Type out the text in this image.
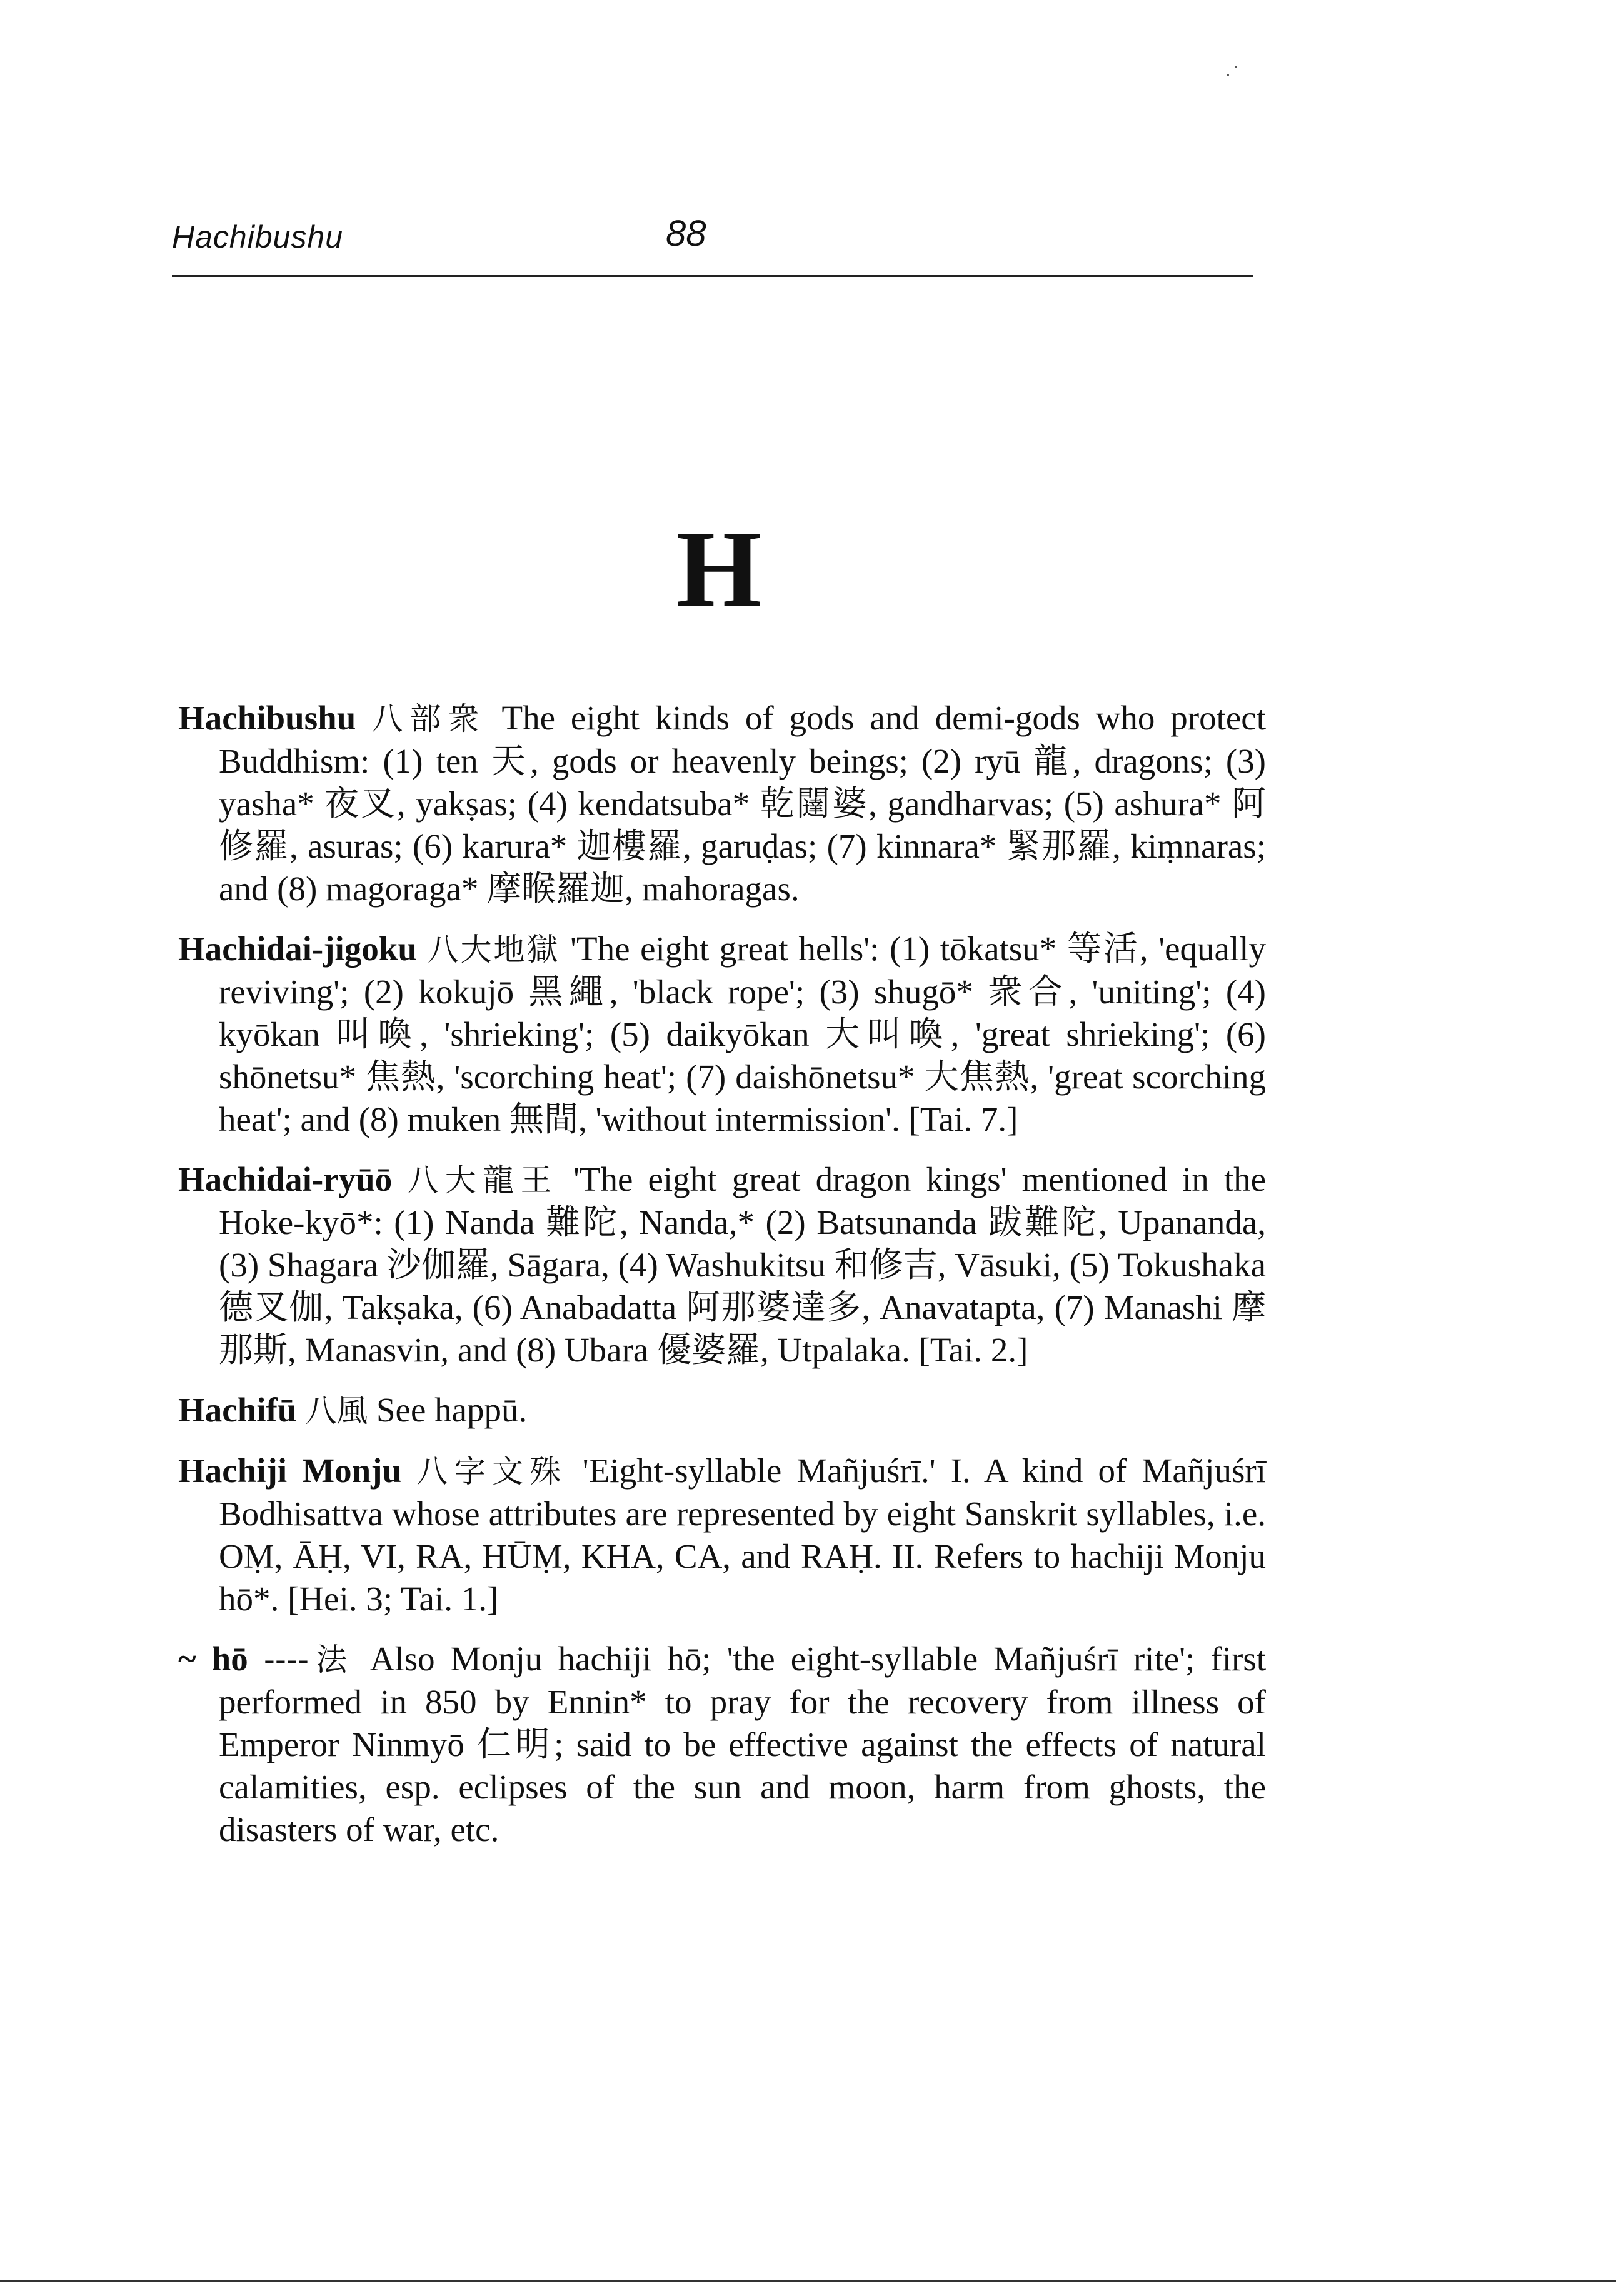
Hachibushu	88
H

Hachibushu 八部衆 The eight kinds of gods and demi-gods who protect Buddhism: (1) ten 天, gods or heavenly beings; (2) ryū 龍, dragons; (3) yasha* 夜叉, yakṣas; (4) kendatsuba* 乾闥婆, gandharvas; (5) ashura* 阿修羅, asuras; (6) karura* 迦樓羅, garuḍas; (7) kinnara* 緊那羅, kiṃnaras; and (8) magoraga* 摩睺羅迦, mahoragas.

Hachidai-jigoku 八大地獄 'The eight great hells': (1) tōkatsu* 等活, 'equally reviving'; (2) kokujō 黑繩, 'black rope'; (3) shugō* 衆合, 'uniting'; (4) kyōkan 叫喚, 'shrieking'; (5) daikyōkan 大叫喚, 'great shrieking'; (6) shōnetsu* 焦熱, 'scorching heat'; (7) daishōnetsu* 大焦熱, 'great scorching heat'; and (8) muken 無間, 'without intermission'. [Tai. 7.]

Hachidai-ryūō 八大龍王 'The eight great dragon kings' mentioned in the Hoke-kyō*: (1) Nanda 難陀, Nanda,* (2) Batsunanda 跋難陀, Upananda, (3) Shagara 沙伽羅, Sāgara, (4) Washukitsu 和修吉, Vāsuki, (5) Tokushaka 德叉伽, Takṣaka, (6) Anabadatta 阿那婆達多, Anavatapta, (7) Manashi 摩那斯, Manasvin, and (8) Ubara 優婆羅, Utpalaka. [Tai. 2.]

Hachifū 八風 See happū.

Hachiji Monju 八字文殊 'Eight-syllable Mañjuśrī.' I. A kind of Mañjuśrī Bodhisattva whose attributes are represented by eight Sanskrit syllables, i.e. OṂ, ĀḤ, VI, RA, HŪṂ, KHA, CA, and RAḤ. II. Refers to hachiji Monju hō*. [Hei. 3; Tai. 1.]

~ hō ----法 Also Monju hachiji hō; 'the eight-syllable Mañjuśrī rite'; first performed in 850 by Ennin* to pray for the recovery from illness of Emperor Ninmyō 仁明; said to be effective against the effects of natural calamities, esp. eclipses of the sun and moon, harm from ghosts, the disasters of war, etc.
